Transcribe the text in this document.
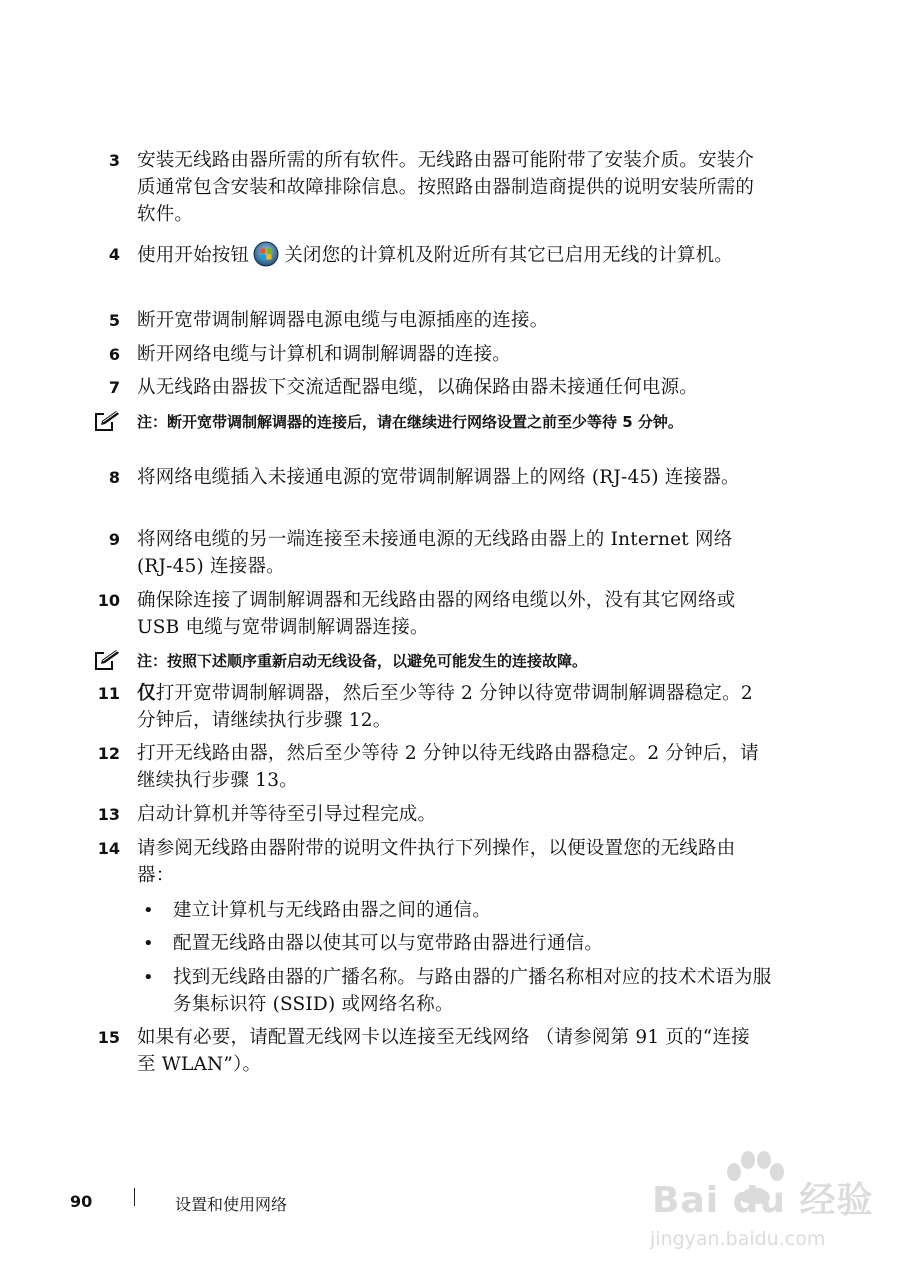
3 安装无线路由器所需的所有软件。无线路由器可能附带了安装介质。安装介质通常包含安装和故障排除信息。按照路由器制造商提供的说明安装所需的软件。
4 使用开始按钮 关闭您的计算机及附近所有其它已启用无线的计算机。
5 断开宽带调制解调器电源电缆与电源插座的连接。
6 断开网络电缆与计算机和调制解调器的连接。
7 从无线路由器拔下交流适配器电缆，以确保路由器未接通任何电源。
注：断开宽带调制解调器的连接后，请在继续进行网络设置之前至少等待 5 分钟。
8 将网络电缆插入未接通电源的宽带调制解调器上的网络 (RJ-45) 连接器。
9 将网络电缆的另一端连接至未接通电源的无线路由器上的 Internet 网络 (RJ-45) 连接器。
10 确保除连接了调制解调器和无线路由器的网络电缆以外，没有其它网络或 USB 电缆与宽带调制解调器连接。
注：按照下述顺序重新启动无线设备，以避免可能发生的连接故障。
11 仅打开宽带调制解调器，然后至少等待 2 分钟以待宽带调制解调器稳定。2 分钟后，请继续执行步骤 12。
12 打开无线路由器，然后至少等待 2 分钟以待无线路由器稳定。2 分钟后，请继续执行步骤 13。
13 启动计算机并等待至引导过程完成。
14 请参阅无线路由器附带的说明文件执行下列操作，以便设置您的无线路由器：
• 建立计算机与无线路由器之间的通信。
• 配置无线路由器以使其可以与宽带路由器进行通信。
• 找到无线路由器的广播名称。与路由器的广播名称相对应的技术术语为服务集标识符 (SSID) 或网络名称。
15 如果有必要，请配置无线网卡以连接至无线网络 （请参阅第 91 页的“连接至 WLAN”）。
90	设置和使用网络	Bai du 经验
jingyan.baidu.com
